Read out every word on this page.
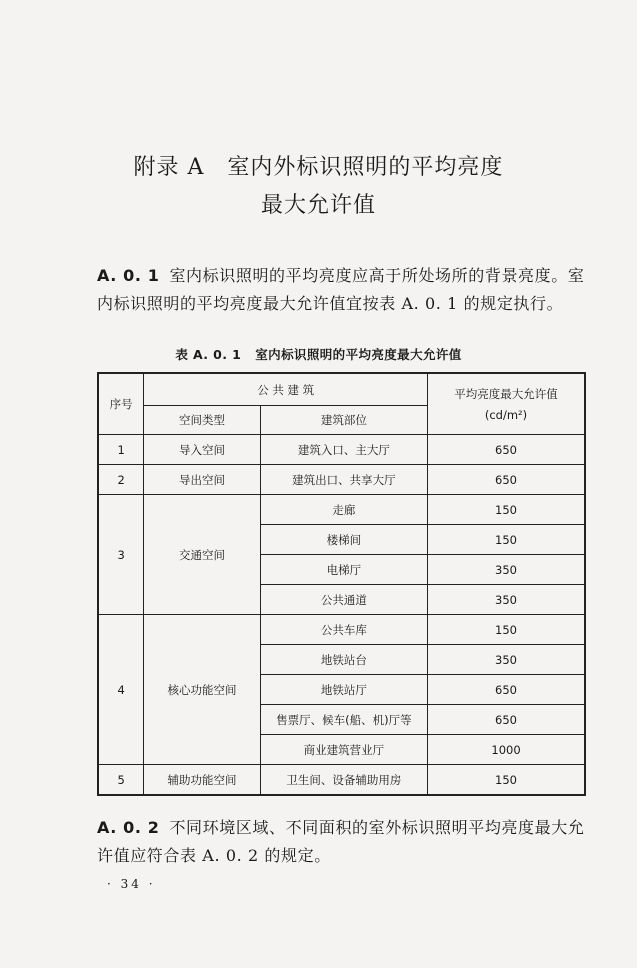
附录 A　室内外标识照明的平均亮度
最大允许值
A. 0. 1 室内标识照明的平均亮度应高于所处场所的背景亮度。室内标识照明的平均亮度最大允许值宜按表 A. 0. 1 的规定执行。
表 A. 0. 1 室内标识照明的平均亮度最大允许值
序号	公 共 建 筑		平均亮度最大允许值
(cd/m²)

	空间类型	建筑部位	
1	导入空间	建筑入口、主大厅	650
2	导出空间	建筑出口、共享大厅	650
3	交通空间	走廊	150
		楼梯间	150
		电梯厅	350
		公共通道	350
4	核心功能空间	公共车库	150
		地铁站台	350
		地铁站厅	650
		售票厅、候车(船、机)厅等	650
		商业建筑营业厅	1000
5	辅助功能空间	卫生间、设备辅助用房	150
A. 0. 2 不同环境区域、不同面积的室外标识照明平均亮度最大允许值应符合表 A. 0. 2 的规定。
· 34 ·
